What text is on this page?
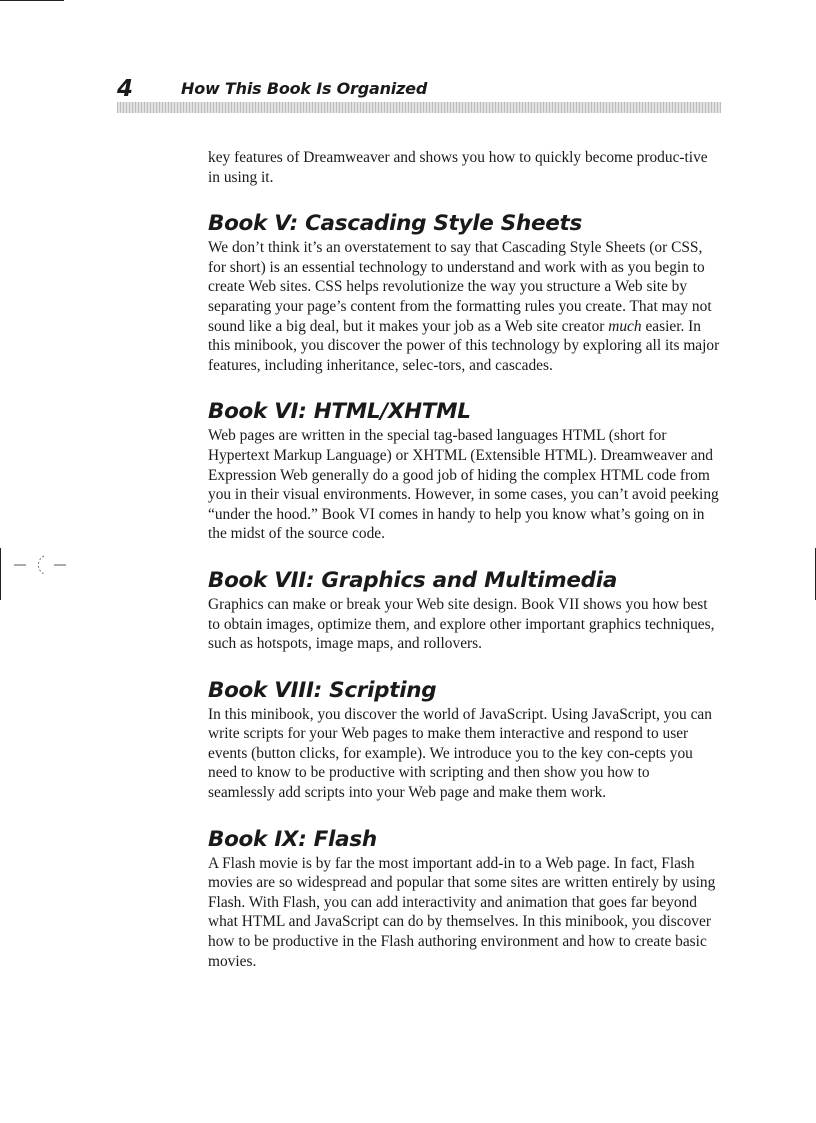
4	How This Book Is Organized

key features of Dreamweaver and shows you how to quickly become produc-tive in using it.

Book V: Cascading Style Sheets

We don’t think it’s an overstatement to say that Cascading Style Sheets (or CSS, for short) is an essential technology to understand and work with as you begin to create Web sites. CSS helps revolutionize the way you structure a Web site by separating your page’s content from the formatting rules you create. That may not sound like a big deal, but it makes your job as a Web site creator much easier. In this minibook, you discover the power of this technology by exploring all its major features, including inheritance, selec-tors, and cascades.

Book VI: HTML/XHTML

Web pages are written in the special tag-based languages HTML (short for Hypertext Markup Language) or XHTML (Extensible HTML). Dreamweaver and Expression Web generally do a good job of hiding the complex HTML code from you in their visual environments. However, in some cases, you can’t avoid peeking “under the hood.” Book VI comes in handy to help you know what’s going on in the midst of the source code.

Book VII: Graphics and Multimedia

Graphics can make or break your Web site design. Book VII shows you how best to obtain images, optimize them, and explore other important graphics techniques, such as hotspots, image maps, and rollovers.

Book VIII: Scripting

In this minibook, you discover the world of JavaScript. Using JavaScript, you can write scripts for your Web pages to make them interactive and respond to user events (button clicks, for example). We introduce you to the key con-cepts you need to know to be productive with scripting and then show you how to seamlessly add scripts into your Web page and make them work.

Book IX: Flash

A Flash movie is by far the most important add-in to a Web page. In fact, Flash movies are so widespread and popular that some sites are written entirely by using Flash. With Flash, you can add interactivity and animation that goes far beyond what HTML and JavaScript can do by themselves. In this minibook, you discover how to be productive in the Flash authoring environment and how to create basic movies.
